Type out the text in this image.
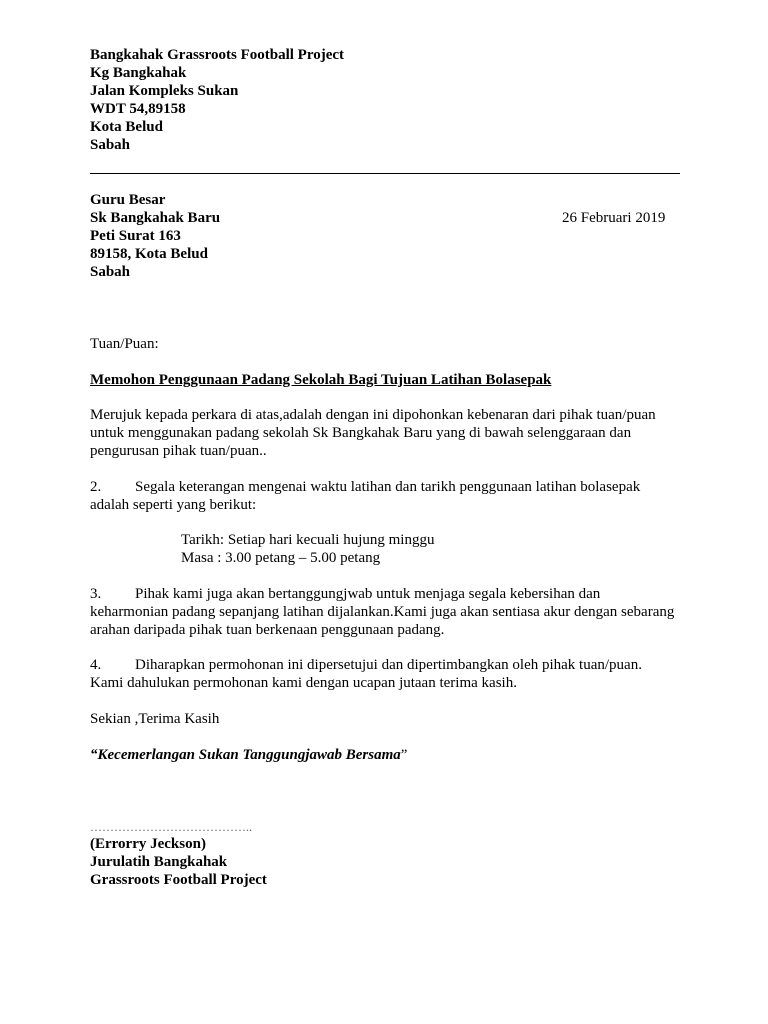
Bangkahak Grassroots Football Project
Kg Bangkahak
Jalan Kompleks Sukan
WDT 54,89158
Kota Belud
Sabah
Guru Besar
Sk Bangkahak Baru
Peti Surat 163
89158, Kota Belud
Sabah
26 Februari 2019
Tuan/Puan:
Memohon Penggunaan Padang Sekolah Bagi Tujuan Latihan Bolasepak
Merujuk kepada perkara di atas,adalah dengan ini dipohonkan kebenaran dari pihak tuan/puan
untuk menggunakan padang sekolah Sk Bangkahak Baru yang di bawah selenggaraan dan
pengurusan pihak tuan/puan..
2. Segala keterangan mengenai waktu latihan dan tarikh penggunaan latihan bolasepak
adalah seperti yang berikut:
Tarikh: Setiap hari kecuali hujung minggu
Masa : 3.00 petang – 5.00 petang
3. Pihak kami juga akan bertanggungjwab untuk menjaga segala kebersihan dan
keharmonian padang sepanjang latihan dijalankan.Kami juga akan sentiasa akur dengan sebarang
arahan daripada pihak tuan berkenaan penggunaan padang.
4. Diharapkan permohonan ini dipersetujui dan dipertimbangkan oleh pihak tuan/puan.
Kami dahulukan permohonan kami dengan ucapan jutaan terima kasih.
Sekian ,Terima Kasih
“Kecemerlangan Sukan Tanggungjawab Bersama”
…………………………………..
(Errorry Jeckson)
Jurulatih Bangkahak
Grassroots Football Project
